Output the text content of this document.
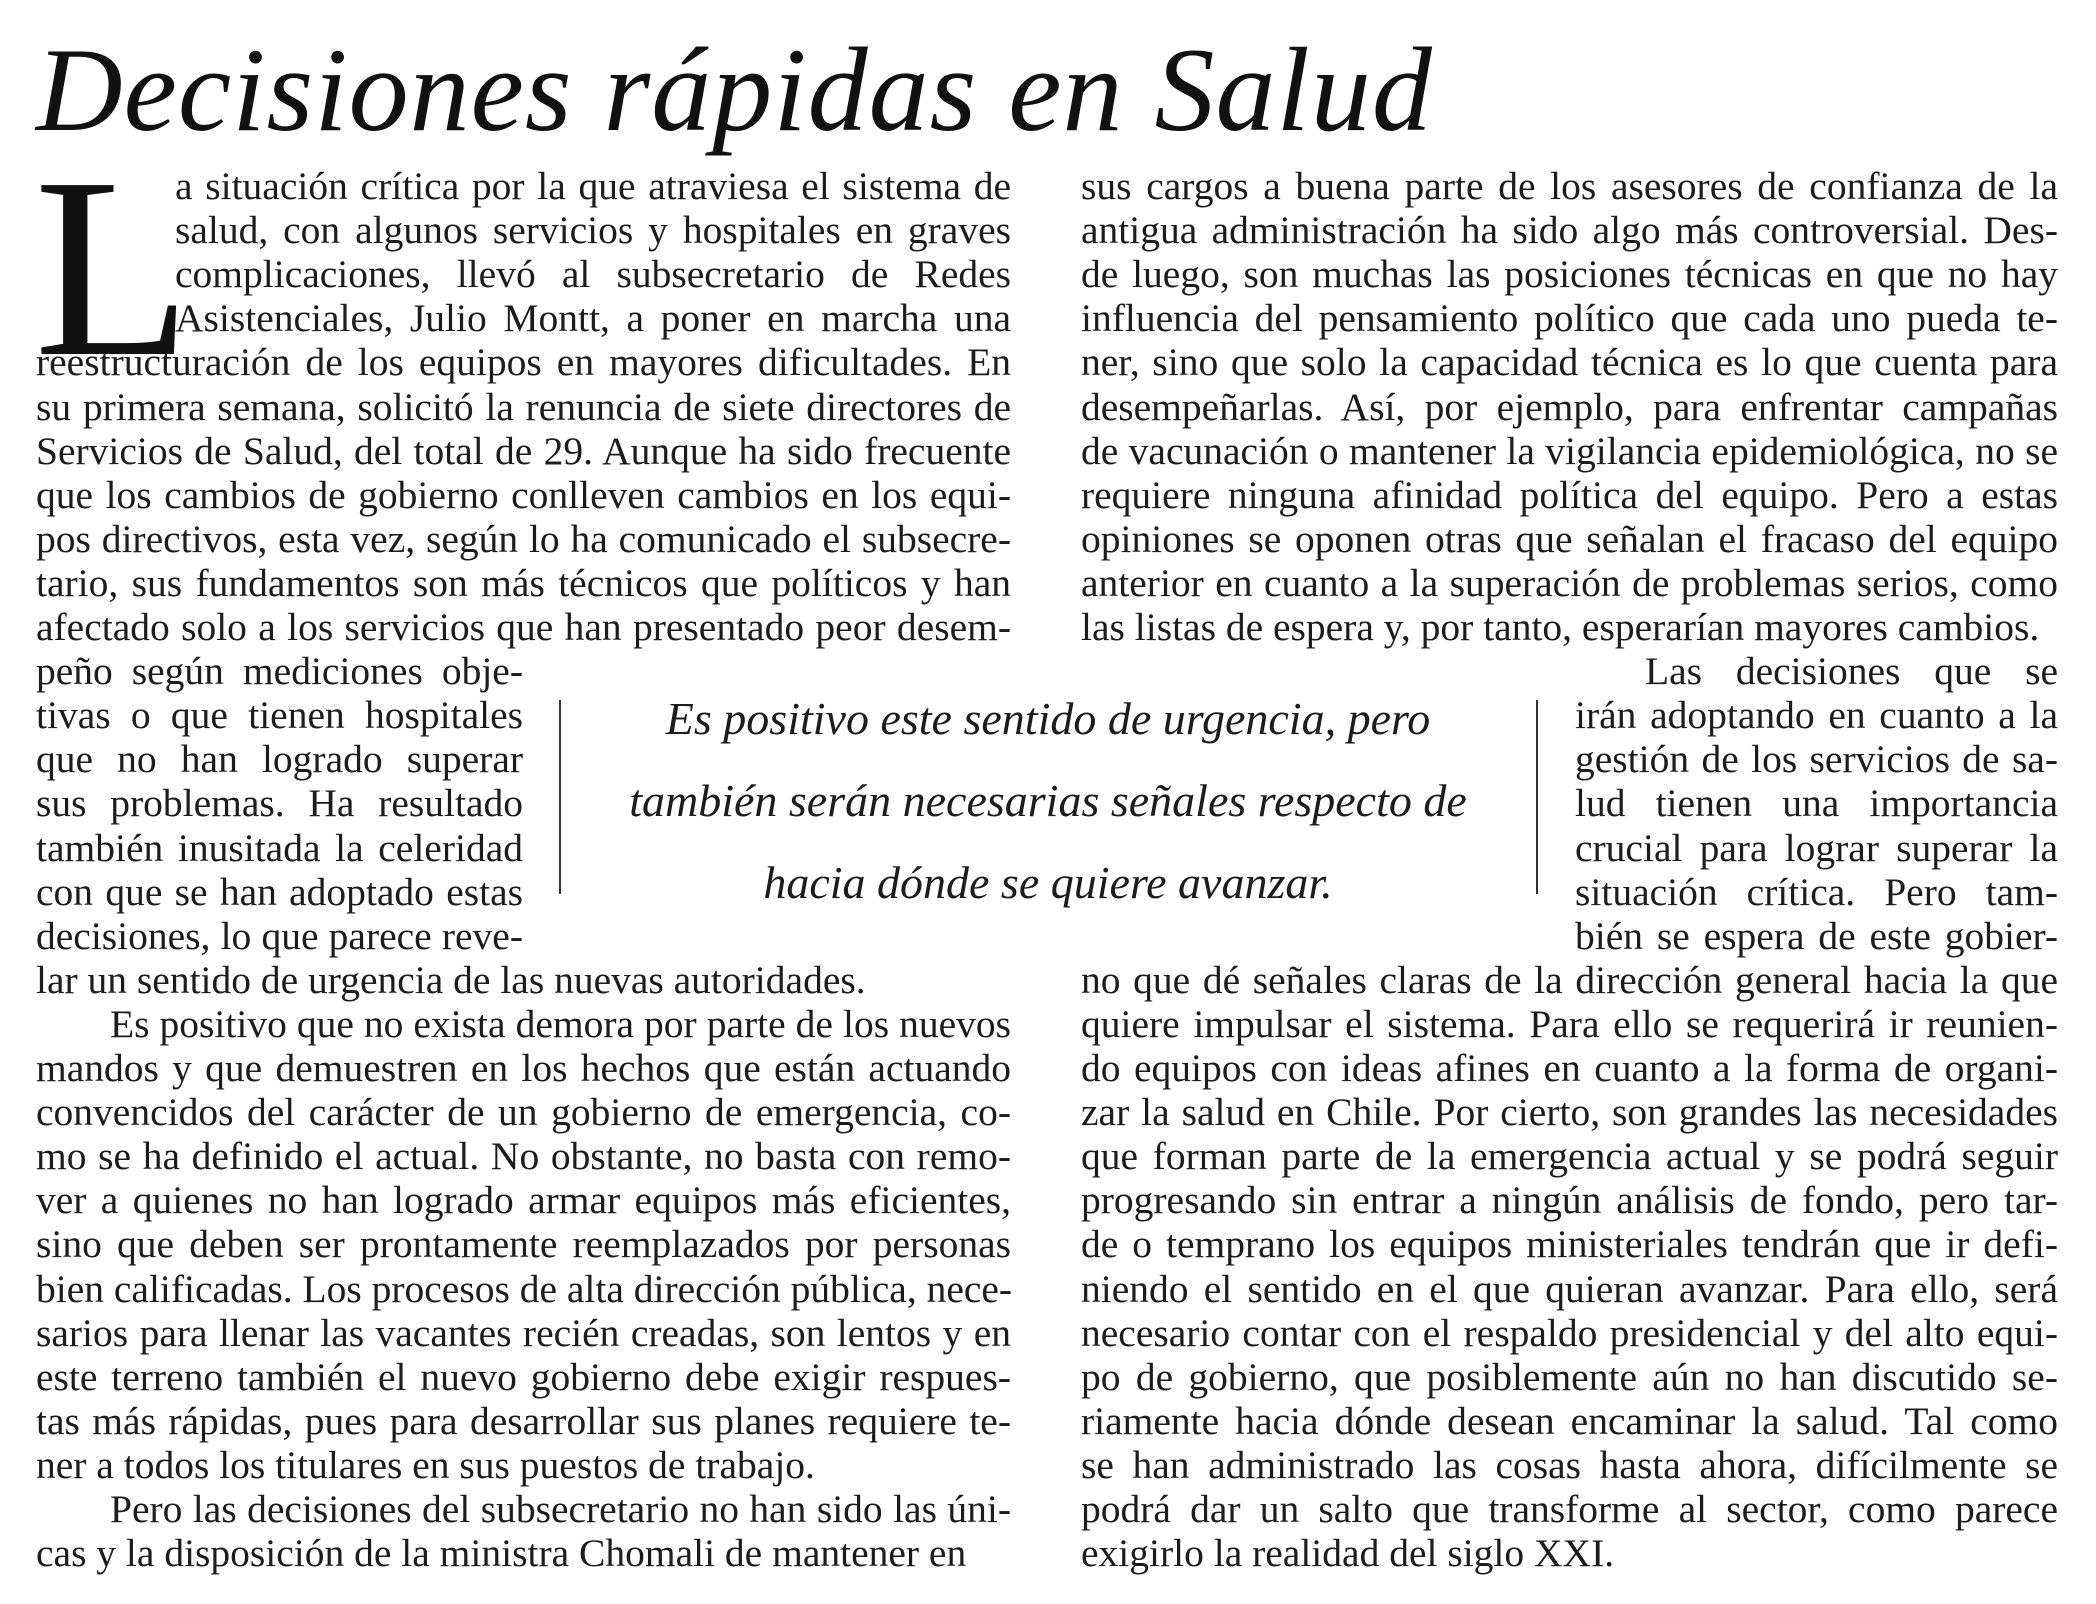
Decisiones rápidas en Salud
L
a situación crítica por la que atraviesa el sistema de
salud, con algunos servicios y hospitales en graves
complicaciones, llevó al subsecretario de Redes
Asistenciales, Julio Montt, a poner en marcha una
reestructuración de los equipos en mayores dificultades. En
su primera semana, solicitó la renuncia de siete directores de
Servicios de Salud, del total de 29. Aunque ha sido frecuente
que los cambios de gobierno conlleven cambios en los equi-
pos directivos, esta vez, según lo ha comunicado el subsecre-
tario, sus fundamentos son más técnicos que políticos y han
afectado solo a los servicios que han presentado peor desem-
peño según mediciones obje-
tivas o que tienen hospitales
que no han logrado superar
sus problemas. Ha resultado
también inusitada la celeridad
con que se han adoptado estas
decisiones, lo que parece reve-
lar un sentido de urgencia de las nuevas autoridades.
Es positivo que no exista demora por parte de los nuevos
mandos y que demuestren en los hechos que están actuando
convencidos del carácter de un gobierno de emergencia, co-
mo se ha definido el actual. No obstante, no basta con remo-
ver a quienes no han logrado armar equipos más eficientes,
sino que deben ser prontamente reemplazados por personas
bien calificadas. Los procesos de alta dirección pública, nece-
sarios para llenar las vacantes recién creadas, son lentos y en
este terreno también el nuevo gobierno debe exigir respues-
tas más rápidas, pues para desarrollar sus planes requiere te-
ner a todos los titulares en sus puestos de trabajo.
Pero las decisiones del subsecretario no han sido las úni-
cas y la disposición de la ministra Chomali de mantener en
sus cargos a buena parte de los asesores de confianza de la
antigua administración ha sido algo más controversial. Des-
de luego, son muchas las posiciones técnicas en que no hay
influencia del pensamiento político que cada uno pueda te-
ner, sino que solo la capacidad técnica es lo que cuenta para
desempeñarlas. Así, por ejemplo, para enfrentar campañas
de vacunación o mantener la vigilancia epidemiológica, no se
requiere ninguna afinidad política del equipo. Pero a estas
opiniones se oponen otras que señalan el fracaso del equipo
anterior en cuanto a la superación de problemas serios, como
las listas de espera y, por tanto, esperarían mayores cambios.
Las decisiones que se
irán adoptando en cuanto a la
gestión de los servicios de sa-
lud tienen una importancia
crucial para lograr superar la
situación crítica. Pero tam-
bién se espera de este gobier-
no que dé señales claras de la dirección general hacia la que
quiere impulsar el sistema. Para ello se requerirá ir reunien-
do equipos con ideas afines en cuanto a la forma de organi-
zar la salud en Chile. Por cierto, son grandes las necesidades
que forman parte de la emergencia actual y se podrá seguir
progresando sin entrar a ningún análisis de fondo, pero tar-
de o temprano los equipos ministeriales tendrán que ir defi-
niendo el sentido en el que quieran avanzar. Para ello, será
necesario contar con el respaldo presidencial y del alto equi-
po de gobierno, que posiblemente aún no han discutido se-
riamente hacia dónde desean encaminar la salud. Tal como
se han administrado las cosas hasta ahora, difícilmente se
podrá dar un salto que transforme al sector, como parece
exigirlo la realidad del siglo XXI.
Es positivo este sentido de urgencia, pero
también serán necesarias señales respecto de
hacia dónde se quiere avanzar.
